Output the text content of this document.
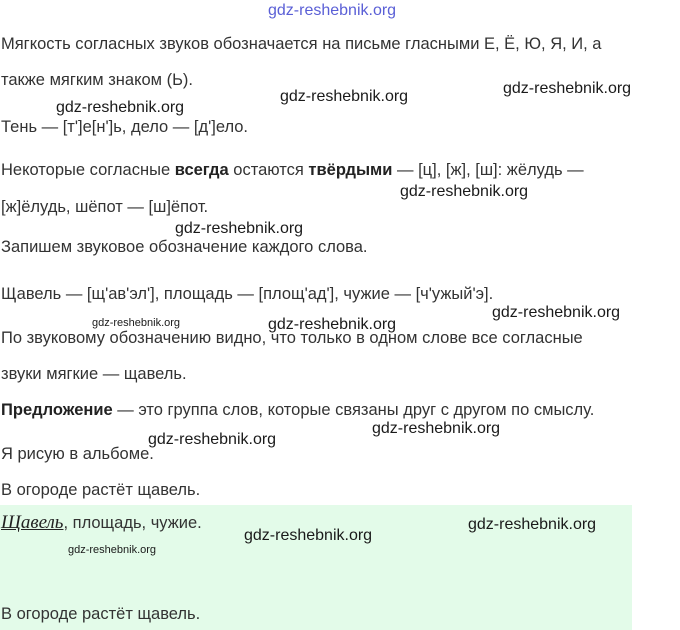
gdz-reshebnik.org

Мягкость согласных звуков обозначается на письме гласными Е, Ё, Ю, Я, И, а

также мягким знаком (Ь).

gdz-reshebnik.org
gdz-reshebnik.org	gdz-reshebnik.org

Тень — [т']е[н']ь, дело — [д']ело.

Некоторые согласные всегда остаются твёрдыми — [ц], [ж], [ш]: жёлудь —

gdz-reshebnik.org

[ж]ёлудь, шёпот — [ш]ёпот.

gdz-reshebnik.org

Запишем звуковое обозначение каждого слова.

Щавель — [щ'ав'эл'], площадь — [площ'ад'], чужие — [ч'ужый'э].

gdz-reshebnik.org
gdz-reshebnik.org	gdz-reshebnik.org

По звуковому обозначению видно, что только в одном слове все согласные

звуки мягкие — щавель.

Предложение — это группа слов, которые связаны друг с другом по смыслу.

gdz-reshebnik.org
gdz-reshebnik.org

Я рисую в альбоме.

В огороде растёт щавель.

Щавель, площадь, чужие.	gdz-reshebnik.org
gdz-reshebnik.org
gdz-reshebnik.org

В огороде растёт щавель.
